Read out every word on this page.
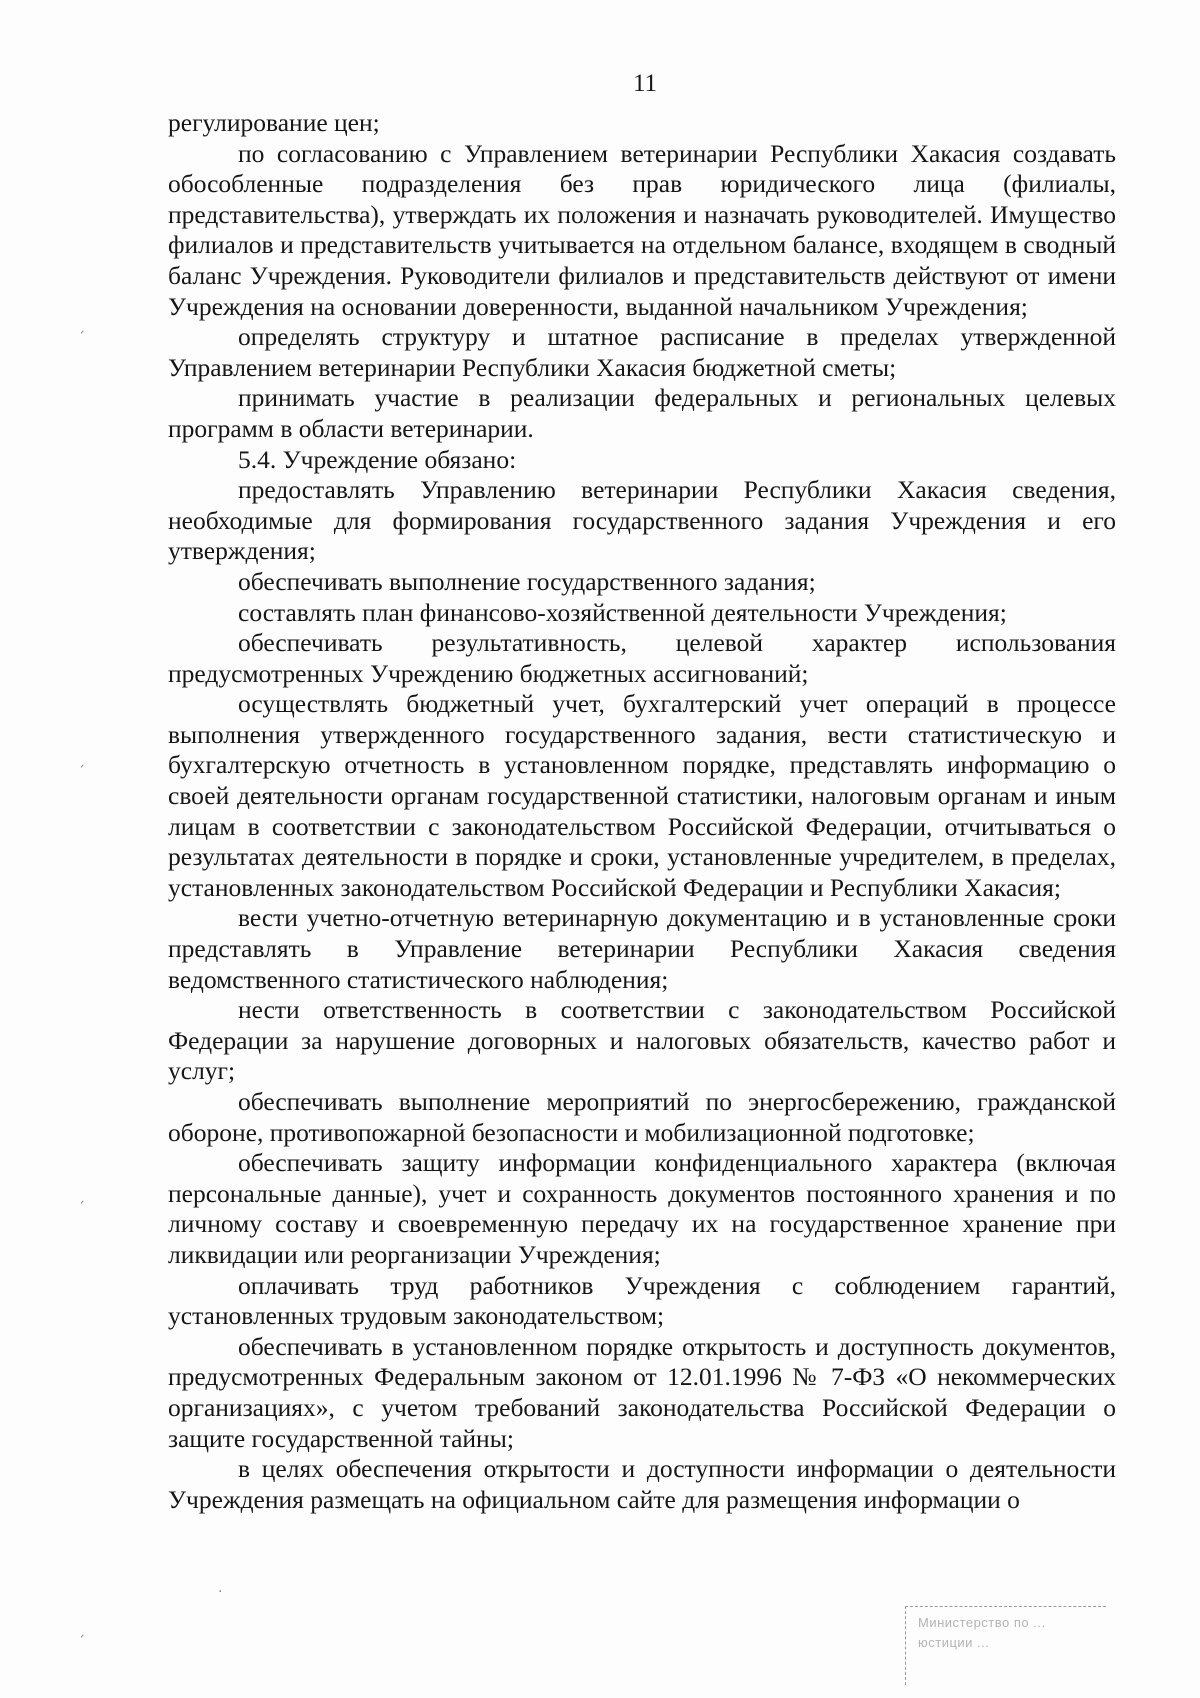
11

регулирование цен;

по согласованию с Управлением ветеринарии Республики Хакасия создавать обособленные подразделения без прав юридического лица (филиалы, представительства), утверждать их положения и назначать руководителей. Имущество филиалов и представительств учитывается на отдельном балансе, входящем в сводный баланс Учреждения. Руководители филиалов и представительств действуют от имени Учреждения на основании доверенности, выданной начальником Учреждения;

определять структуру и штатное расписание в пределах утвержденной Управлением ветеринарии Республики Хакасия бюджетной сметы;

принимать участие в реализации федеральных и региональных целевых программ в области ветеринарии.

5.4. Учреждение обязано:

предоставлять Управлению ветеринарии Республики Хакасия сведения, необходимые для формирования государственного задания Учреждения и его утверждения;

обеспечивать выполнение государственного задания;

составлять план финансово-хозяйственной деятельности Учреждения;

обеспечивать результативность, целевой характер использования предусмотренных Учреждению бюджетных ассигнований;

осуществлять бюджетный учет, бухгалтерский учет операций в процессе выполнения утвержденного государственного задания, вести статистическую и бухгалтерскую отчетность в установленном порядке, представлять информацию о своей деятельности органам государственной статистики, налоговым органам и иным лицам в соответствии с законодательством Российской Федерации, отчитываться о результатах деятельности в порядке и сроки, установленные учредителем, в пределах, установленных законодательством Российской Федерации и Республики Хакасия;

вести учетно-отчетную ветеринарную документацию и в установленные сроки представлять в Управление ветеринарии Республики Хакасия сведения ведомственного статистического наблюдения;

нести ответственность в соответствии с законодательством Российской Федерации за нарушение договорных и налоговых обязательств, качество работ и услуг;

обеспечивать выполнение мероприятий по энергосбережению, гражданской обороне, противопожарной безопасности и мобилизационной подготовке;

обеспечивать защиту информации конфиденциального характера (включая персональные данные), учет и сохранность документов постоянного хранения и по личному составу и своевременную передачу их на государственное хранение при ликвидации или реорганизации Учреждения;

оплачивать труд работников Учреждения с соблюдением гарантий, установленных трудовым законодательством;

обеспечивать в установленном порядке открытость и доступность документов, предусмотренных Федеральным законом от 12.01.1996 № 7-ФЗ «О некоммерческих организациях», с учетом требований законодательства Российской Федерации о защите государственной тайны;

в целях обеспечения открытости и доступности информации о деятельности Учреждения размещать на официальном сайте для размещения информации о

Министерство по ...
юстиции ...
ˏ
ˏ
ˏ
ˏ
·
